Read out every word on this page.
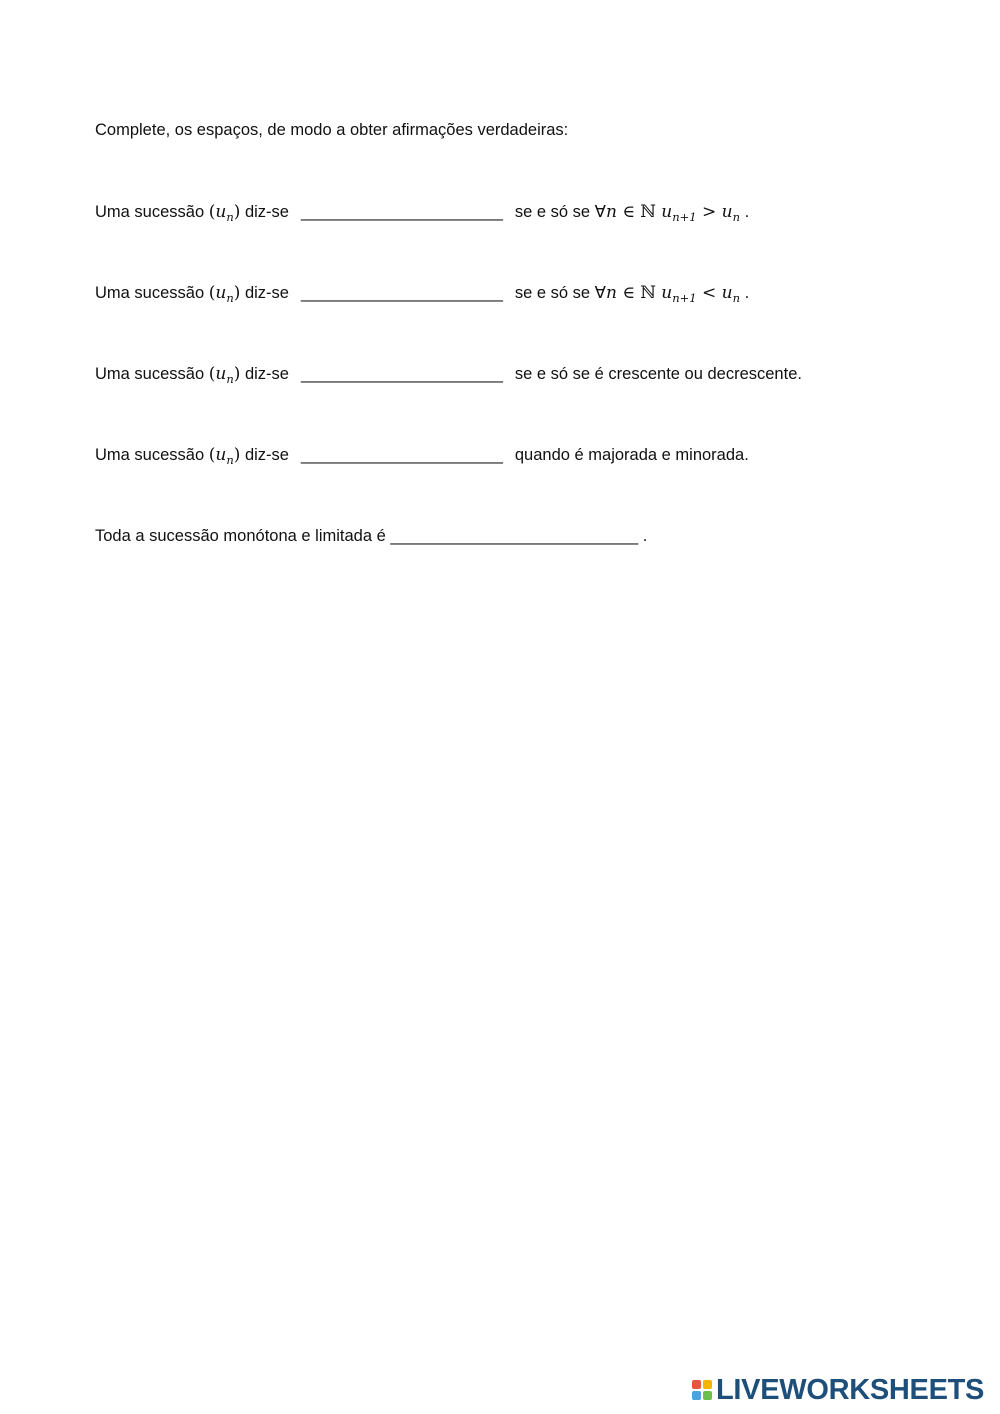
Complete, os espaços, de modo a obter afirmações verdadeiras:
Uma sucessão $(u_n)$ diz-se ______________________ se e só se ∀n ∈ ℕ $u_{n+1} > u_n$ .
Uma sucessão $(u_n)$ diz-se ______________________ se e só se ∀n ∈ ℕ $u_{n+1} < u_n$ .
Uma sucessão $(u_n)$ diz-se ______________________ se e só se é crescente ou decrescente.
Uma sucessão $(u_n)$ diz-se ______________________ quando é majorada e minorada.
Toda a sucessão monótona e limitada é ___________________________ .
LIVEWORKSHEETS
